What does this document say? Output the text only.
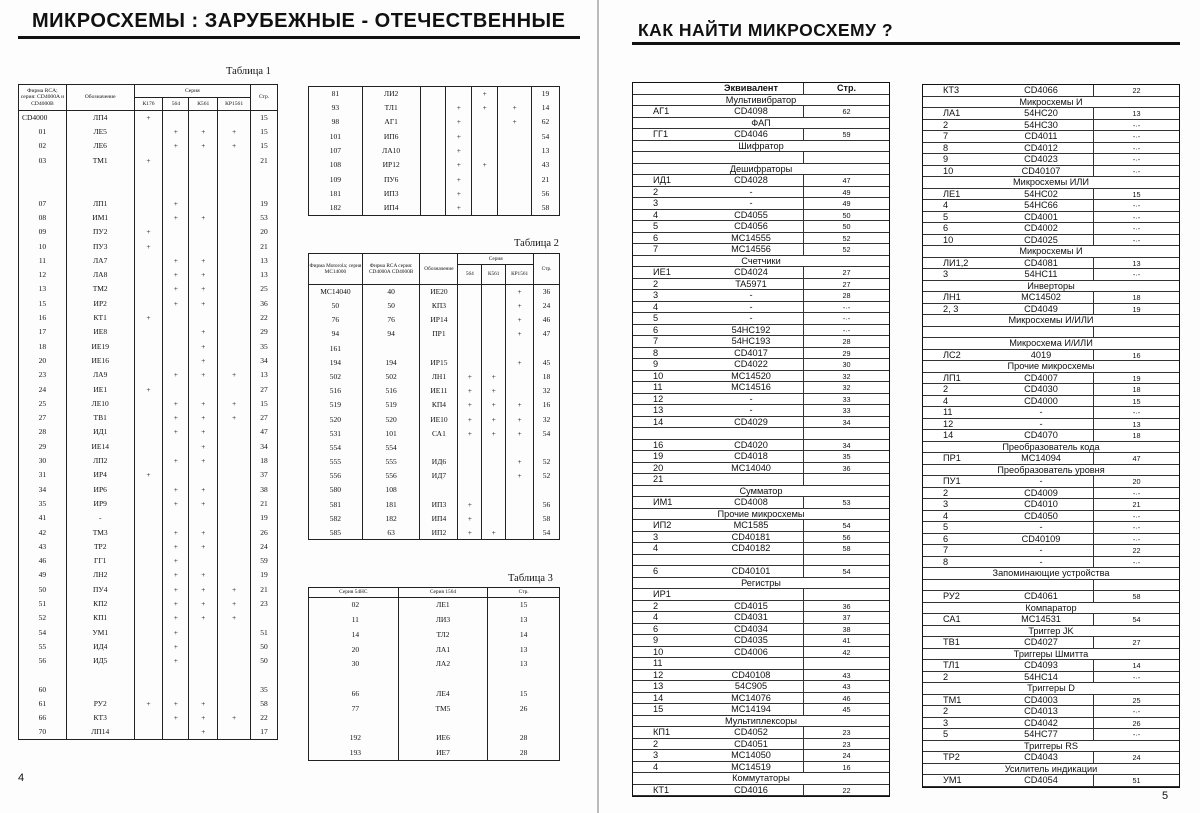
МИКРОСХЕМЫ : ЗАРУБЕЖНЫЕ - ОТЕЧЕСТВЕННЫЕ
Таблица 1
Фирма RCA; серия: CD4000A и CD4000B	Обозначение	Серия				Стр.
		К176	564	К561	КР1561	
CD4000	ЛП4	+				15
01	ЛЕ5		+	+	+	15
02	ЛЕ6		+	+	+	15
03	ТМ1	+				21

07	ЛП1		+			19
08	ИМ1		+	+		53
09	ПУ2	+				20
10	ПУ3	+				21
11	ЛА7		+	+		13
12	ЛА8		+	+		13
13	ТМ2		+	+		25
15	ИР2		+	+		36
16	КТ1	+				22
17	ИЕ8			+		29
18	ИЕ19			+		35
20	ИЕ16			+		34
23	ЛА9		+	+	+	13
24	ИЕ1	+				27
25	ЛЕ10		+	+	+	15
27	ТВ1		+	+	+	27
28	ИД1		+	+		47
29	ИЕ14			+		34
30	ЛП2		+	+		18
31	ИР4	+				37
34	ИР6		+	+		38
35	ИР9		+	+		21
41	-					19
42	ТМ3		+	+		26
43	ТР2		+	+		24
46	ГГ1		+			59
49	ЛН2		+	+		19
50	ПУ4		+	+	+	21
51	КП2		+	+	+	23
52	КП1		+	+	+	
54	УМ1		+			51
55	ИД4		+			50
56	ИД5		+			50

60						35
61	РУ2	+	+	+		58
66	КТ3		+	+	+	22
70	ЛП14			+		17
4
81	ЛИ2			+		19
93	ТЛ1		+	+	+	14
98	АГ1		+		+	62
101	ИП6		+			54
107	ЛА10		+			13
108	ИР12		+	+		43
109	ПУ6		+			21
181	ИП3		+			56
182	ИП4		+			58
Таблица 2
Фирма Motorola; серия MC14000	Фирма RCA серия: CD4000A CD4000B	Обозначение	Серия			Стр.
			564	К561	КР1561	
MC14040	40	ИЕ20			+	36
50	50	КП3			+	24
76	76	ИР14			+	46
94	94	ПР1			+	47
161						
194	194	ИР15			+	45
502	502	ЛН1	+	+		18
516	516	ИЕ11	+	+		32
519	519	КП4	+	+	+	16
520	520	ИЕ10	+	+	+	32
531	101	СА1	+	+	+	54
554	554					
555	555	ИД6			+	52
556	556	ИД7			+	52
580	108					
581	181	ИП3	+			56
582	182	ИП4	+			58
585	63	ИП2	+	+		54
Таблица 3
Серия 54НС	Серия 1564	Стр.
02	ЛЕ1	15
11	ЛИ3	13
14	ТЛ2	14
20	ЛА1	13
30	ЛА2	13

66	ЛЕ4	15
77	ТМ5	26

192	ИЕ6	28
193	ИЕ7	28
КАК НАЙТИ МИКРОСХЕМУ ?
Эквивалент	Стр.
Мультивибратор
АГ1	CD4098	62
ФАП
ГГ1	CD4046	59
Шифратор
Дешифраторы
ИД1	CD4028	47
2	-	49
3	-	49
4	CD4055	50
5	CD4056	50
6	MC14555	52
7	MC14556	52
Счетчики
ИЕ1	CD4024	27
2	TA5971	27
3	-	28
4	-	-·-
5	-	-·-
6	54HC192	-·-
7	54HC193	28
8	CD4017	29
9	CD4022	30
10	MC14520	32
11	MC14516	32
12	-	33
13	-	33
14	CD4029	34
16	CD4020	34
19	CD4018	35
20	MC14040	36
21
Сумматор
ИМ1	CD4008	53
Прочие микросхемы
ИП2	MC1585	54
3	CD40181	56
4	CD40182	58
6	CD40101	54
Регистры
ИР1
2	CD4015	36
4	CD4031	37
6	CD4034	38
9	CD4035	41
10	CD4006	42
11
12	CD40108	43
13	54C905	43
14	MC14076	46
15	MC14194	45
Мультиплексоры
КП1	CD4052	23
2	CD4051	23
3	MC14050	24
4	MC14519	16
Коммутаторы
КТ1	CD4016	22
КТ3	CD4066	22
Микросхемы И
ЛА1	54HC20	13
2	54HC30	-·-
7	CD4011	-·-
8	CD4012	-·-
9	CD4023	-·-
10	CD40107	-·-
Микросхемы ИЛИ
ЛЕ1	54HC02	15
4	54HC66	-·-
5	CD4001	-·-
6	CD4002	-·-
10	CD4025	-·-
Микросхемы И
ЛИ1,2	CD4081	13
3	54HC11	-·-
Инверторы
ЛН1	MC14502	18
2, 3	CD4049	19
Микросхемы И/ИЛИ
Микросхема И/ИЛИ
ЛС2	4019	16
Прочие микросхемы
ЛП1	CD4007	19
2	CD4030	18
4	CD4000	15
11	-	-·-
12	-	13
14	CD4070	18
Преобразователь кода
ПР1	MC14094	47
Преобразователь уровня
ПУ1	-	20
2	CD4009	-·-
3	CD4010	21
4	CD4050	-·-
5	-	-·-
6	CD40109	-·-
7	-	22
8	-	-·-
Запоминающие устройства
РУ2	CD4061	58
Компаратор
СА1	MC14531	54
Триггер JK
ТВ1	CD4027	27
Триггеры Шмитта
ТЛ1	CD4093	14
2	54HC14	-·-
Триггеры D
ТМ1	CD4003	25
2	CD4013	-·-
3	CD4042	26
5	54HC77	-·-
Триггеры RS
ТР2	CD4043	24
Усилитель индикации
УМ1	CD4054	51
5
